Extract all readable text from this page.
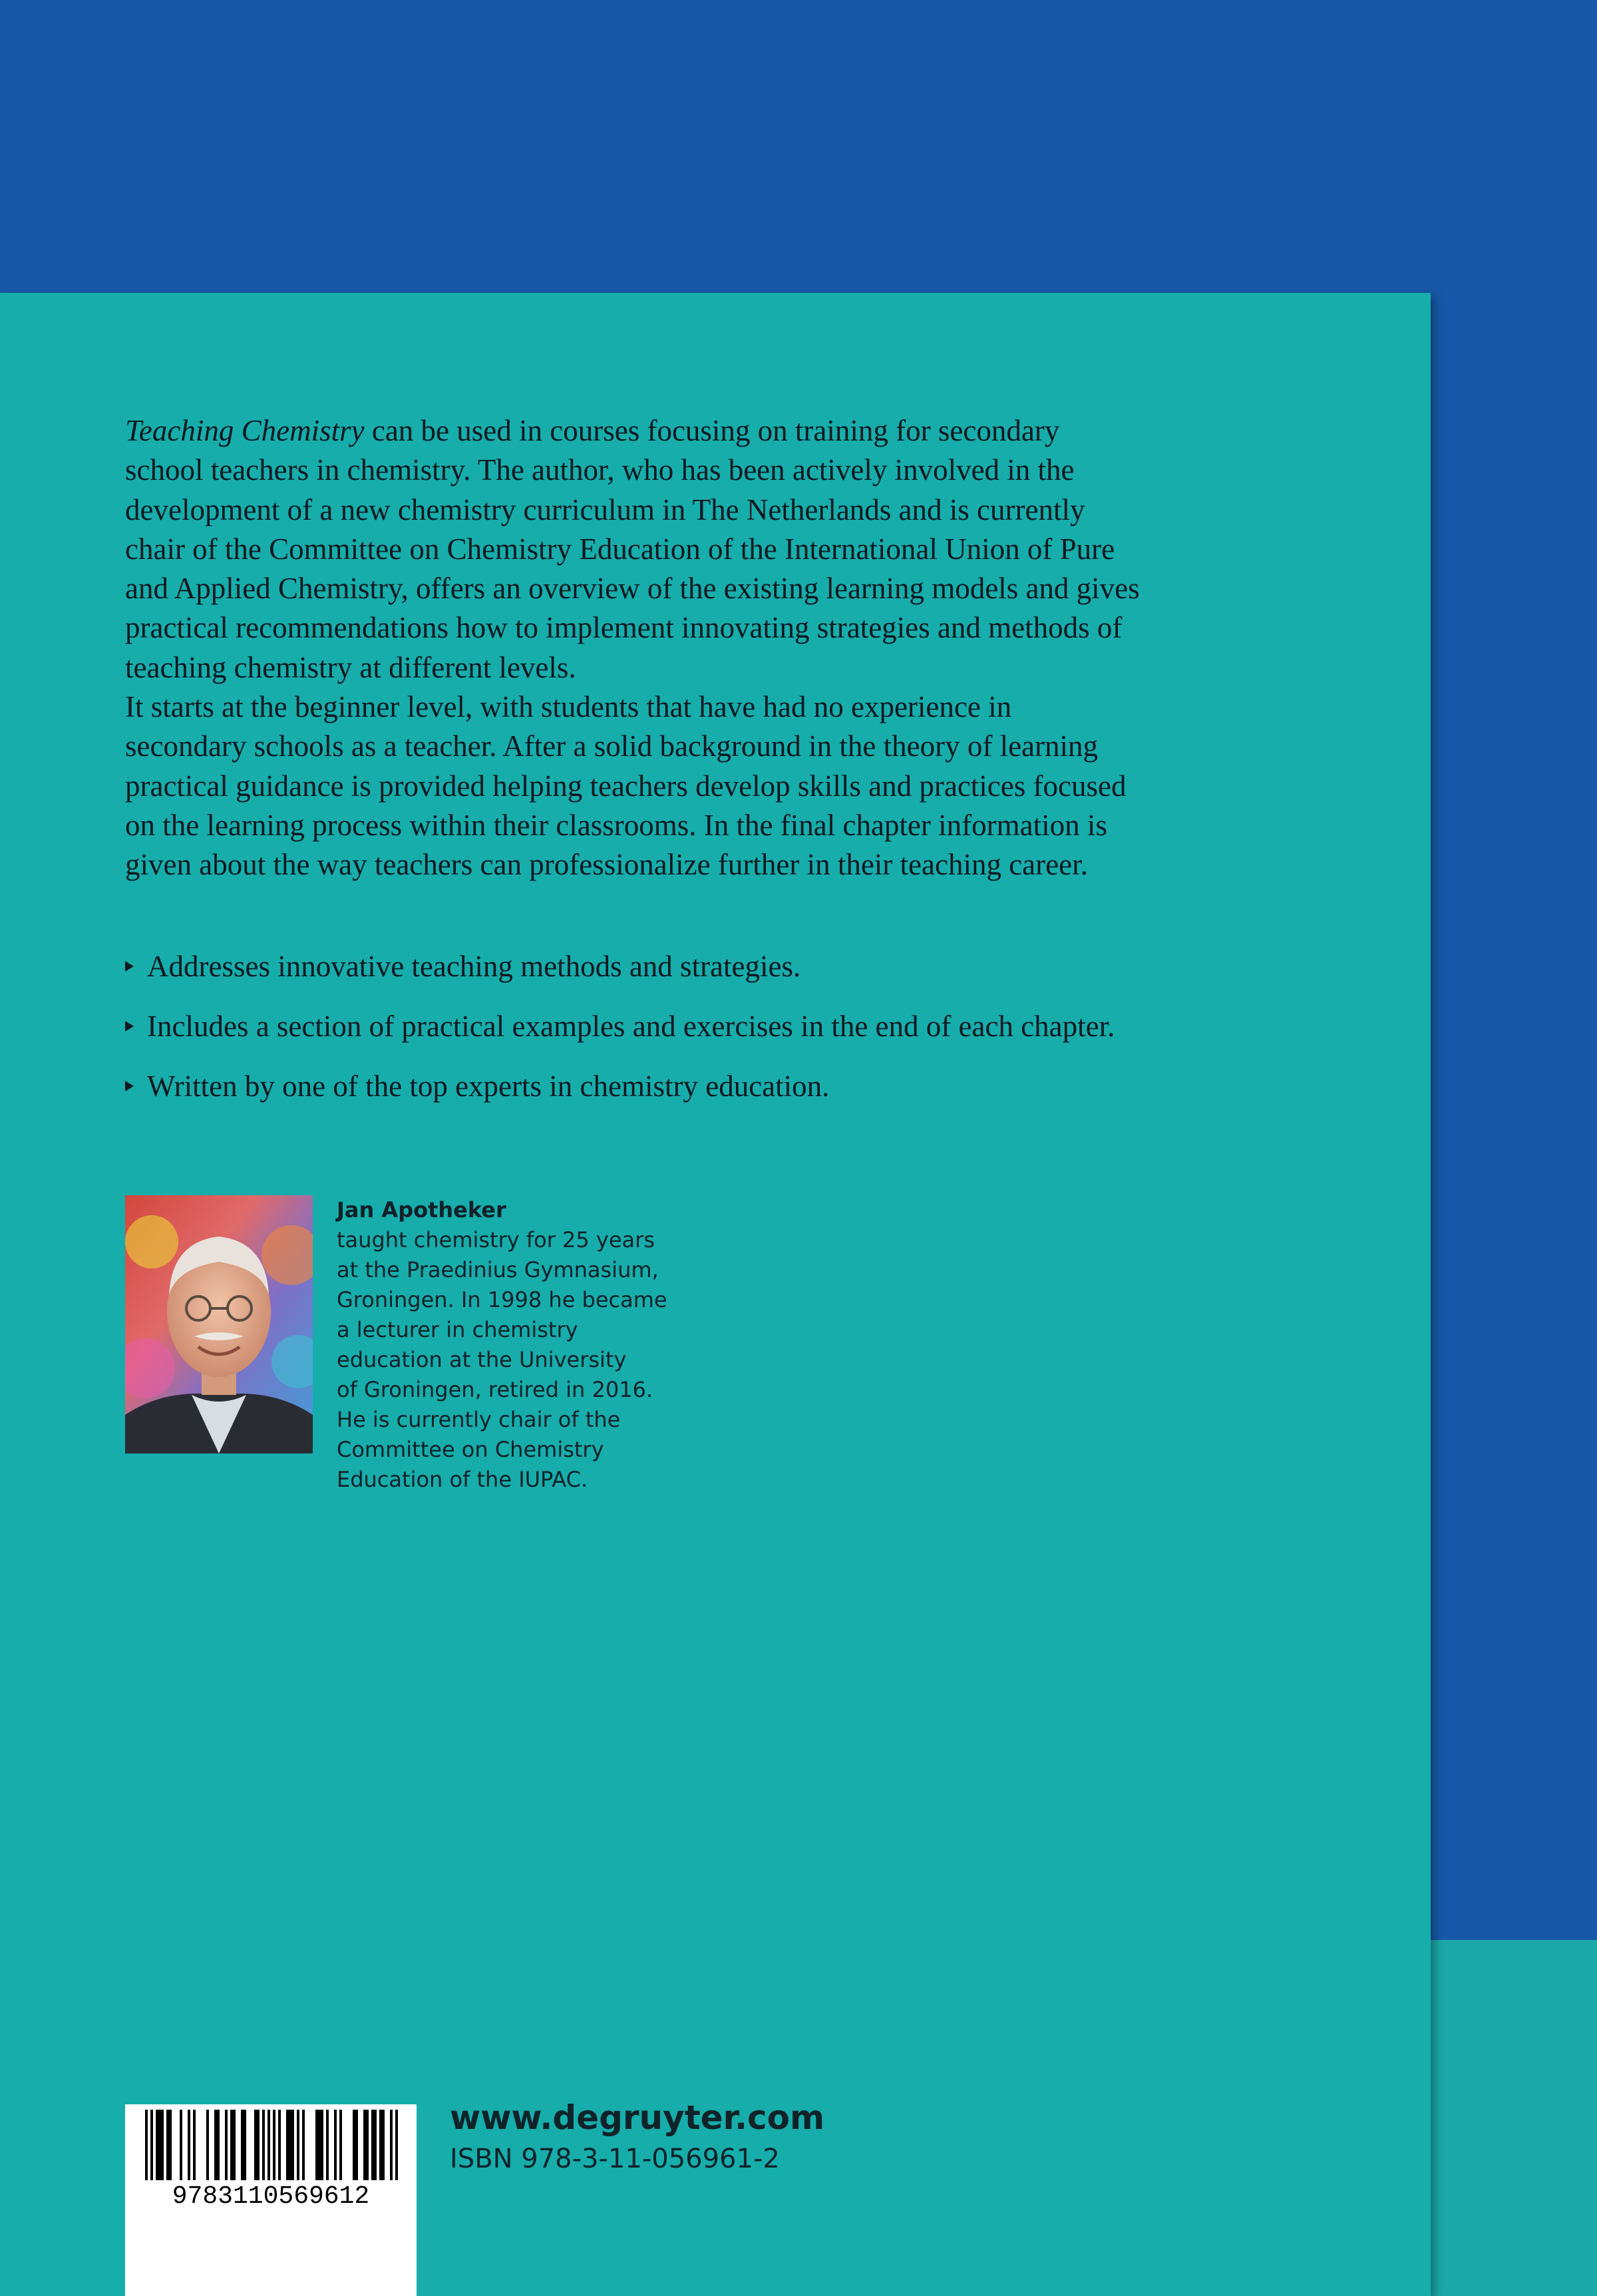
Teaching Chemistry can be used in courses focusing on training for secondary
school teachers in chemistry. The author, who has been actively involved in the
development of a new chemistry curriculum in The Netherlands and is currently
chair of the Committee on Chemistry Education of the International Union of Pure
and Applied Chemistry, offers an overview of the existing learning models and gives
practical recommendations how to implement innovating strategies and methods of
teaching chemistry at different levels.

It starts at the beginner level, with students that have had no experience in
secondary schools as a teacher. After a solid background in the theory of learning
practical guidance is provided helping teachers develop skills and practices focused
on the learning process within their classrooms. In the final chapter information is
given about the way teachers can professionalize further in their teaching career.

Addresses innovative teaching methods and strategies.
Includes a section of practical examples and exercises in the end of each chapter.
Written by one of the top experts in chemistry education.

Jan Apotheker

taught chemistry for 25 years
at the Praedinius Gymnasium,
Groningen. In 1998 he became
a lecturer in chemistry
education at the University
of Groningen, retired in 2016.
He is currently chair of the
Committee on Chemistry
Education of the IUPAC.
9783110569612
www.degruyter.com
ISBN 978-3-11-056961-2
